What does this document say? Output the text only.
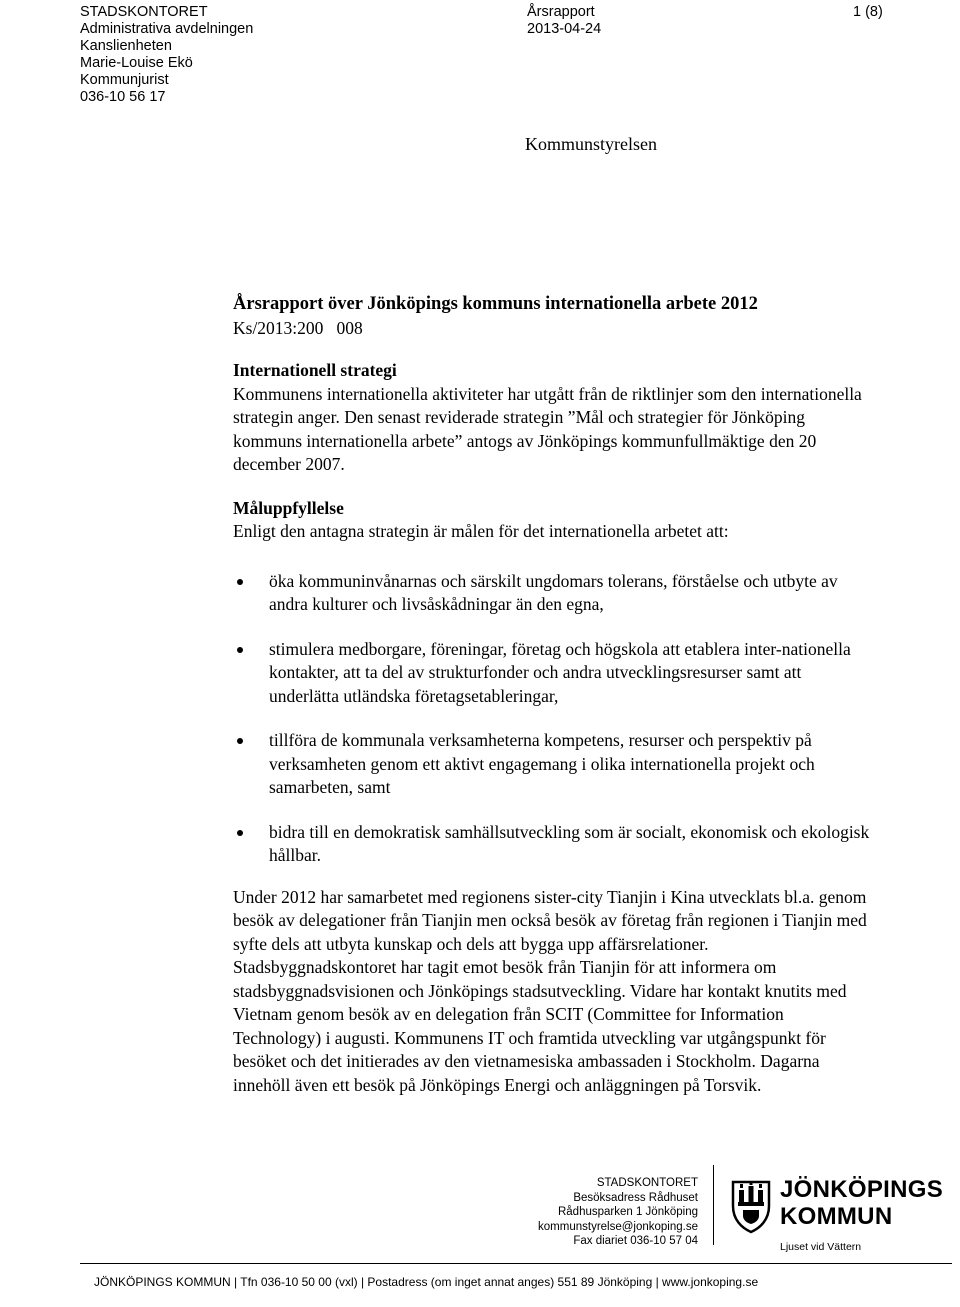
STADSKONTORET
Administrativa avdelningen
Kanslienheten
Marie-Louise Ekö
Kommunjurist
036-10 56 17
Årsrapport
2013-04-24
1 (8)
Kommunstyrelsen
Årsrapport över Jönköpings kommuns internationella arbete 2012
Ks/2013:200   008
Internationell strategi
Kommunens internationella aktiviteter har utgått från de riktlinjer som den internationella strategin anger. Den senast reviderade strategin ”Mål och strategier för Jönköping kommuns internationella arbete” antogs av Jönköpings kommunfullmäktige den 20 december 2007.
Måluppfyllelse
Enligt den antagna strategin är målen för det internationella arbetet att:
öka kommuninvånarnas och särskilt ungdomars tolerans, förståelse och utbyte av andra kulturer och livsåskådningar än den egna,
stimulera medborgare, föreningar, företag och högskola att etablera inter-nationella kontakter, att ta del av strukturfonder och andra utvecklingsresurser samt att underlätta utländska företagsetableringar,
tillföra de kommunala verksamheterna kompetens, resurser och perspektiv på verksamheten genom ett aktivt engagemang i olika internationella projekt och samarbeten, samt
bidra till en demokratisk samhällsutveckling som är socialt, ekonomisk och ekologisk hållbar.
Under 2012 har samarbetet med regionens sister-city Tianjin i Kina utvecklats bl.a. genom besök av delegationer från Tianjin men också besök av företag från regionen i Tianjin med syfte dels att utbyta kunskap och dels att bygga upp affärsrelationer. Stadsbyggnadskontoret har tagit emot besök från Tianjin för att informera om stadsbyggnadsvisionen och Jönköpings stadsutveckling. Vidare har kontakt knutits med Vietnam genom besök av en delegation från SCIT (Committee for Information Technology) i augusti. Kommunens IT och framtida utveckling var utgångspunkt för besöket och det initierades av den vietnamesiska ambassaden i Stockholm. Dagarna innehöll även ett besök på Jönköpings Energi och anläggningen på Torsvik.
STADSKONTORET
Besöksadress Rådhuset
Rådhusparken 1 Jönköping
kommunstyrelse@jonkoping.se
Fax diariet 036-10 57 04
JÖNKÖPINGS
KOMMUN
Ljuset vid Vättern
JÖNKÖPINGS KOMMUN | Tfn 036-10 50 00 (vxl) | Postadress (om inget annat anges) 551 89 Jönköping | www.jonkoping.se
